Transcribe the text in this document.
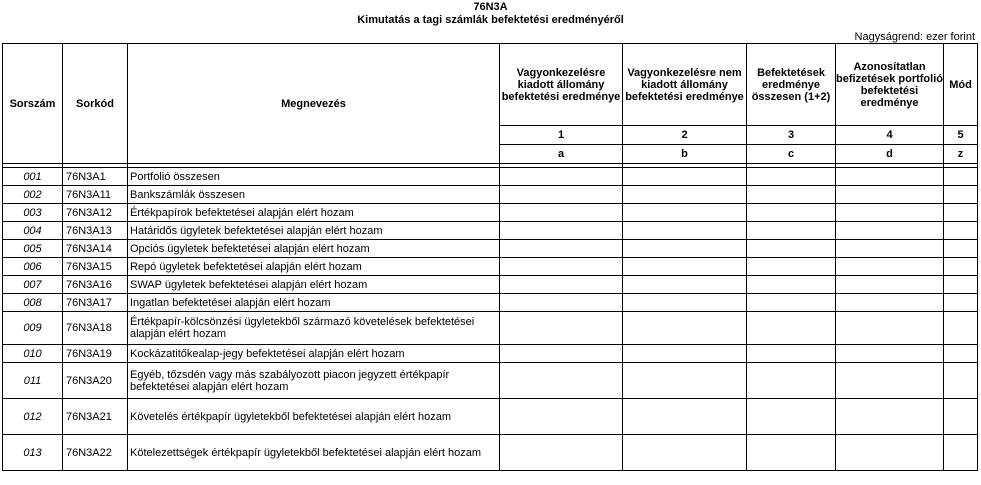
76N3A
Kimutatás a tagi számlák befektetési eredményéről
Nagyságrend: ezer forint
Sorszám	Sorkód	Megnevezés	Vagyonkezelésre kiadott állomány befektetési eredménye	Vagyonkezelésre nem kiadott állomány befektetési eredménye	Befektetések eredménye összesen (1+2)	Azonosítatlan befizetések portfolió befektetési eredménye	Mód
			1	2	3	4	5
			a	b	c	d	z

001	76N3A1	Portfolió összesen					
002	76N3A11	Bankszámlák összesen					
003	76N3A12	Értékpapírok befektetései alapján elért hozam					
004	76N3A13	Határidős ügyletek befektetései alapján elért hozam					
005	76N3A14	Opciós ügyletek befektetései alapján elért hozam					
006	76N3A15	Repó ügyletek befektetései alapján elért hozam					
007	76N3A16	SWAP ügyletek befektetései alapján elért hozam					
008	76N3A17	Ingatlan befektetései alapján elért hozam					
009	76N3A18	Értékpapír-kölcsönzési ügyletekből származó követelések befektetései alapján elért hozam					
010	76N3A19	Kockázatitőkealap-jegy befektetései alapján elért hozam					
011	76N3A20	Egyéb, tőzsdén vagy más szabályozott piacon jegyzett értékpapír befektetései alapján elért hozam					
012	76N3A21	Követelés értékpapír ügyletekből befektetései alapján elért hozam					
013	76N3A22	Kötelezettségek értékpapír ügyletekből befektetései alapján elért hozam					
